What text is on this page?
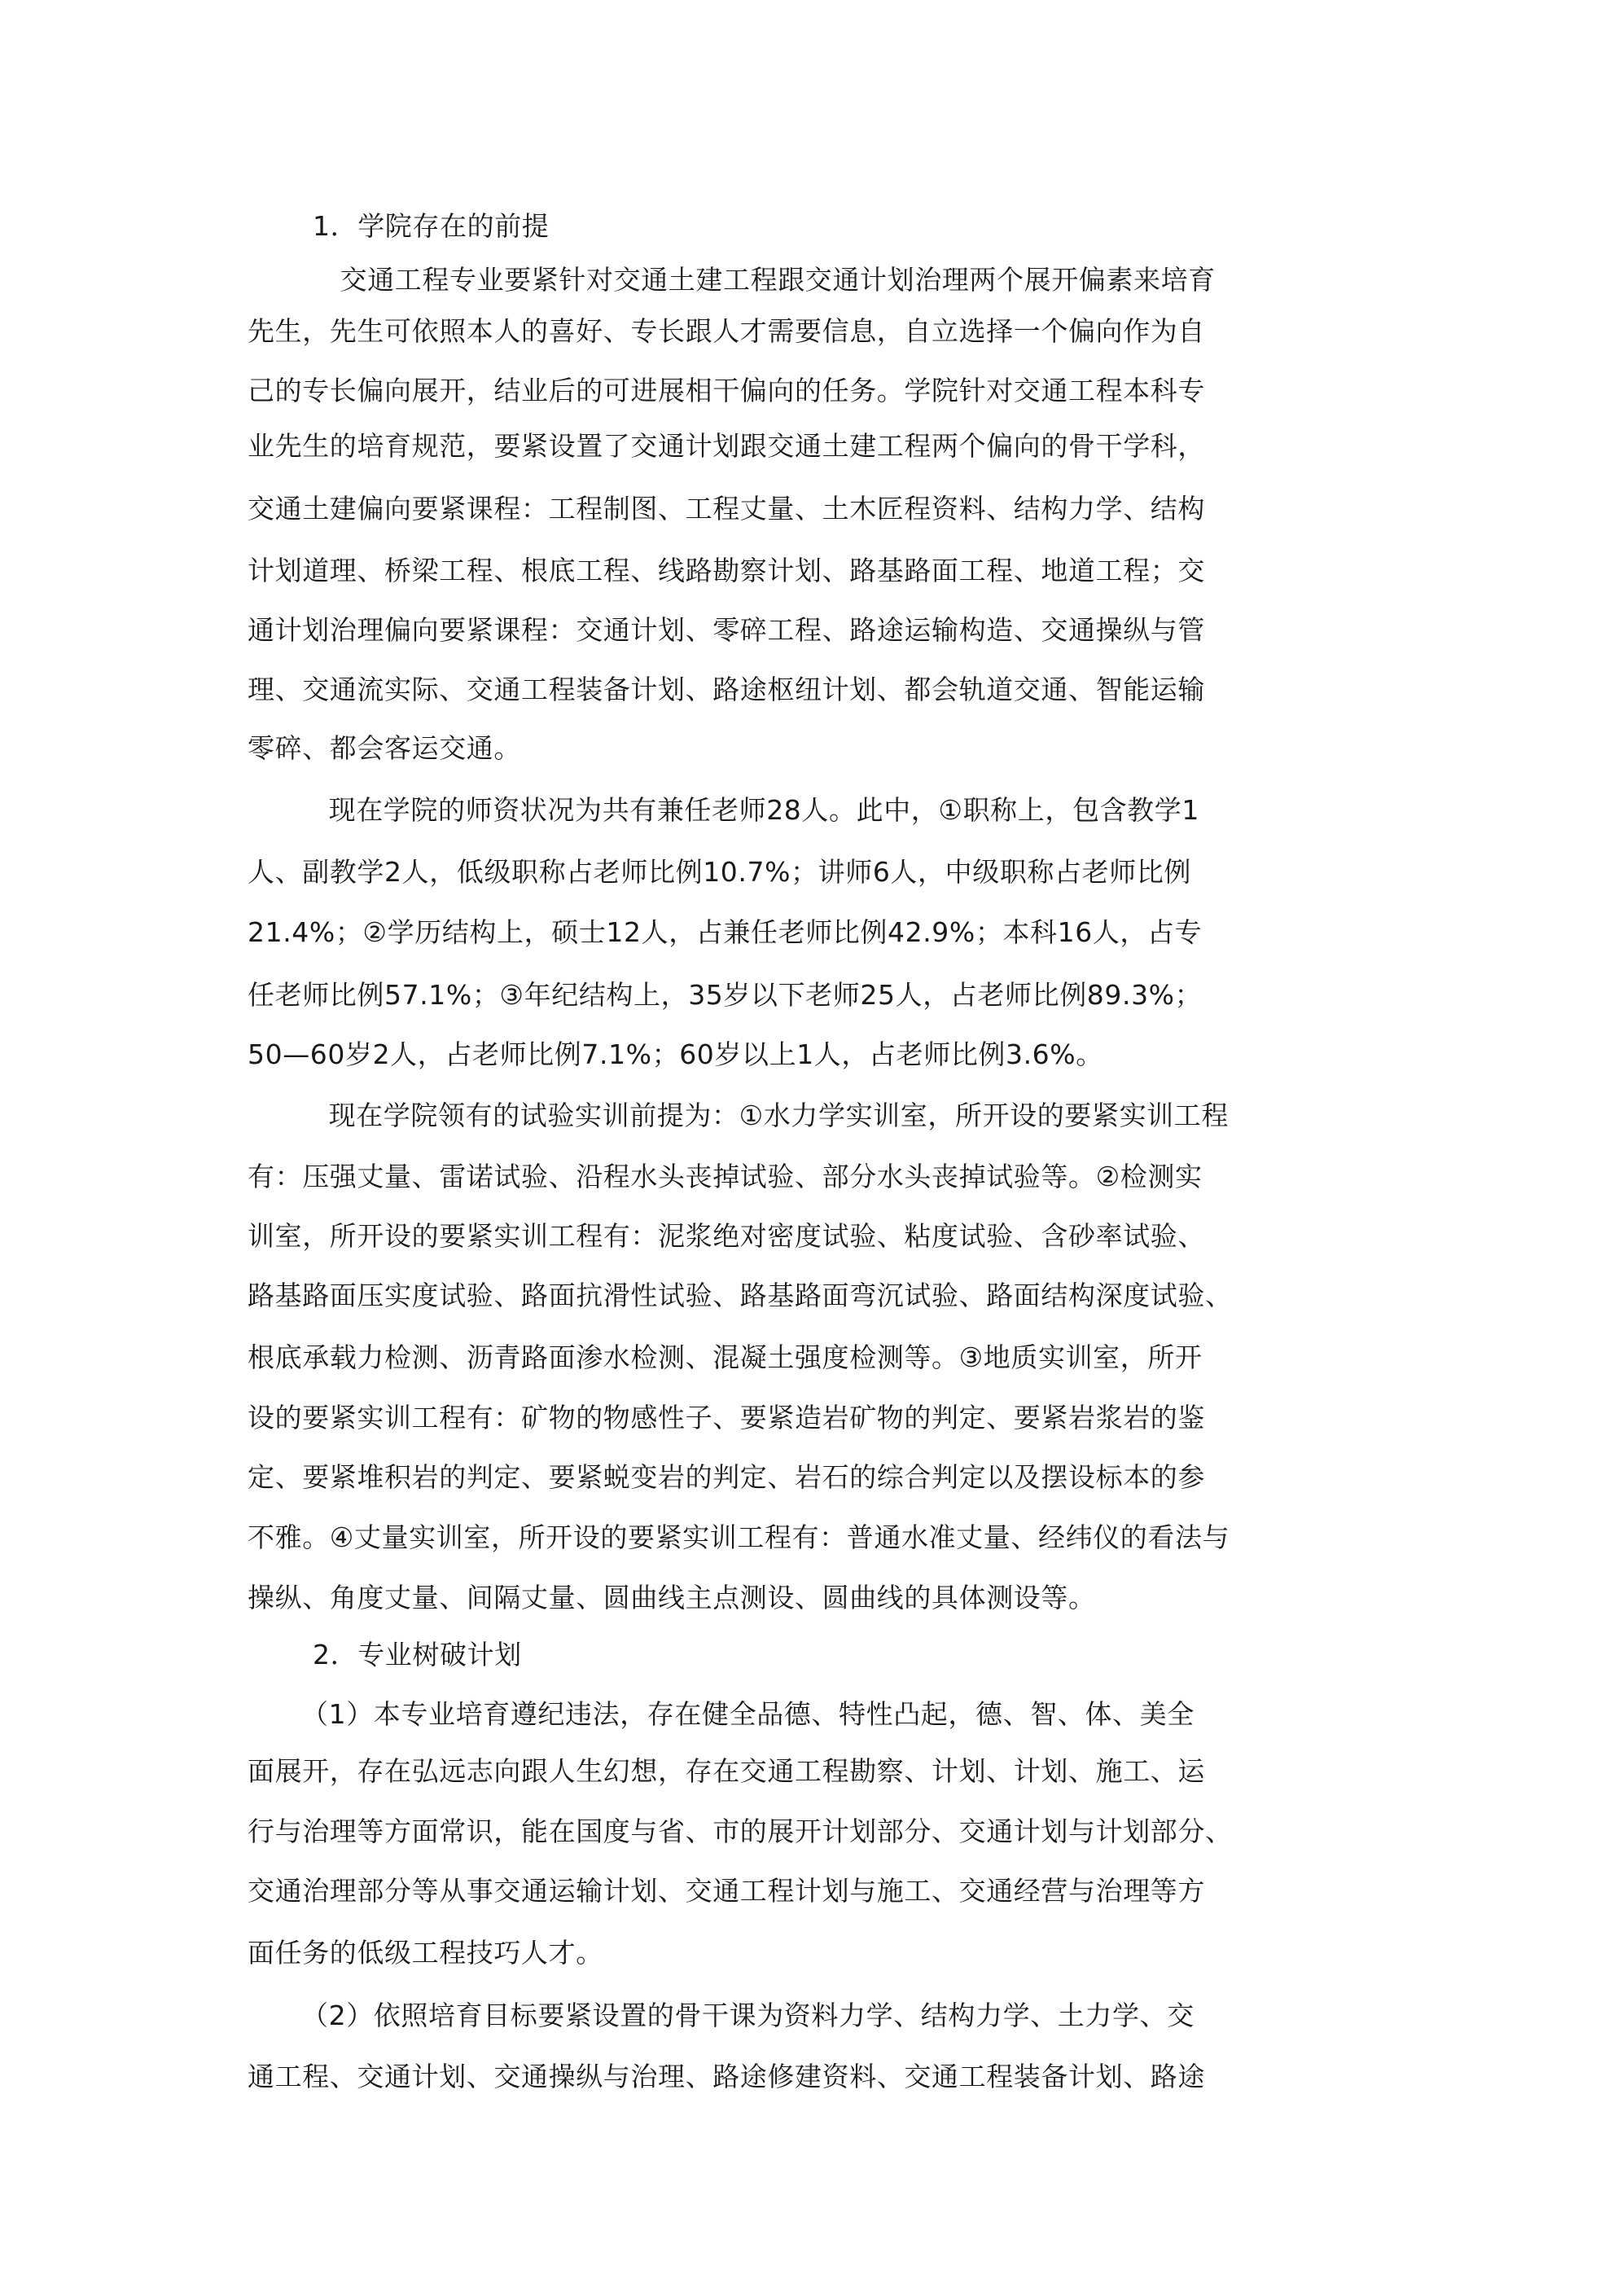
1．学院存在的前提
　交通工程专业要紧针对交通土建工程跟交通计划治理两个展开偏素来培育
先生，先生可依照本人的喜好、专长跟人才需要信息，自立选择一个偏向作为自
己的专长偏向展开，结业后的可进展相干偏向的任务。学院针对交通工程本科专
业先生的培育规范，要紧设置了交通计划跟交通土建工程两个偏向的骨干学科，
交通土建偏向要紧课程：工程制图、工程丈量、土木匠程资料、结构力学、结构
计划道理、桥梁工程、根底工程、线路勘察计划、路基路面工程、地道工程；交
通计划治理偏向要紧课程：交通计划、零碎工程、路途运输构造、交通操纵与管
理、交通流实际、交通工程装备计划、路途枢纽计划、都会轨道交通、智能运输
零碎、都会客运交通。
　现在学院的师资状况为共有兼任老师28人。此中，①职称上，包含教学1
人、副教学2人，低级职称占老师比例10.7%；讲师6人，中级职称占老师比例
21.4%；②学历结构上，硕士12人，占兼任老师比例42.9%；本科16人，占专
任老师比例57.1%；③年纪结构上，35岁以下老师25人，占老师比例89.3%；
50—60岁2人，占老师比例7.1%；60岁以上1人，占老师比例3.6%。
　现在学院领有的试验实训前提为：①水力学实训室，所开设的要紧实训工程
有：压强丈量、雷诺试验、沿程水头丧掉试验、部分水头丧掉试验等。②检测实
训室，所开设的要紧实训工程有：泥浆绝对密度试验、粘度试验、含砂率试验、
路基路面压实度试验、路面抗滑性试验、路基路面弯沉试验、路面结构深度试验、
根底承载力检测、沥青路面渗水检测、混凝土强度检测等。③地质实训室，所开
设的要紧实训工程有：矿物的物感性子、要紧造岩矿物的判定、要紧岩浆岩的鉴
定、要紧堆积岩的判定、要紧蜕变岩的判定、岩石的综合判定以及摆设标本的参
不雅。④丈量实训室，所开设的要紧实训工程有：普通水准丈量、经纬仪的看法与
操纵、角度丈量、间隔丈量、圆曲线主点测设、圆曲线的具体测设等。
2．专业树破计划
（1）本专业培育遵纪违法，存在健全品德、特性凸起，德、智、体、美全
面展开，存在弘远志向跟人生幻想，存在交通工程勘察、计划、计划、施工、运
行与治理等方面常识，能在国度与省、市的展开计划部分、交通计划与计划部分、
交通治理部分等从事交通运输计划、交通工程计划与施工、交通经营与治理等方
面任务的低级工程技巧人才。
（2）依照培育目标要紧设置的骨干课为资料力学、结构力学、土力学、交
通工程、交通计划、交通操纵与治理、路途修建资料、交通工程装备计划、路途
